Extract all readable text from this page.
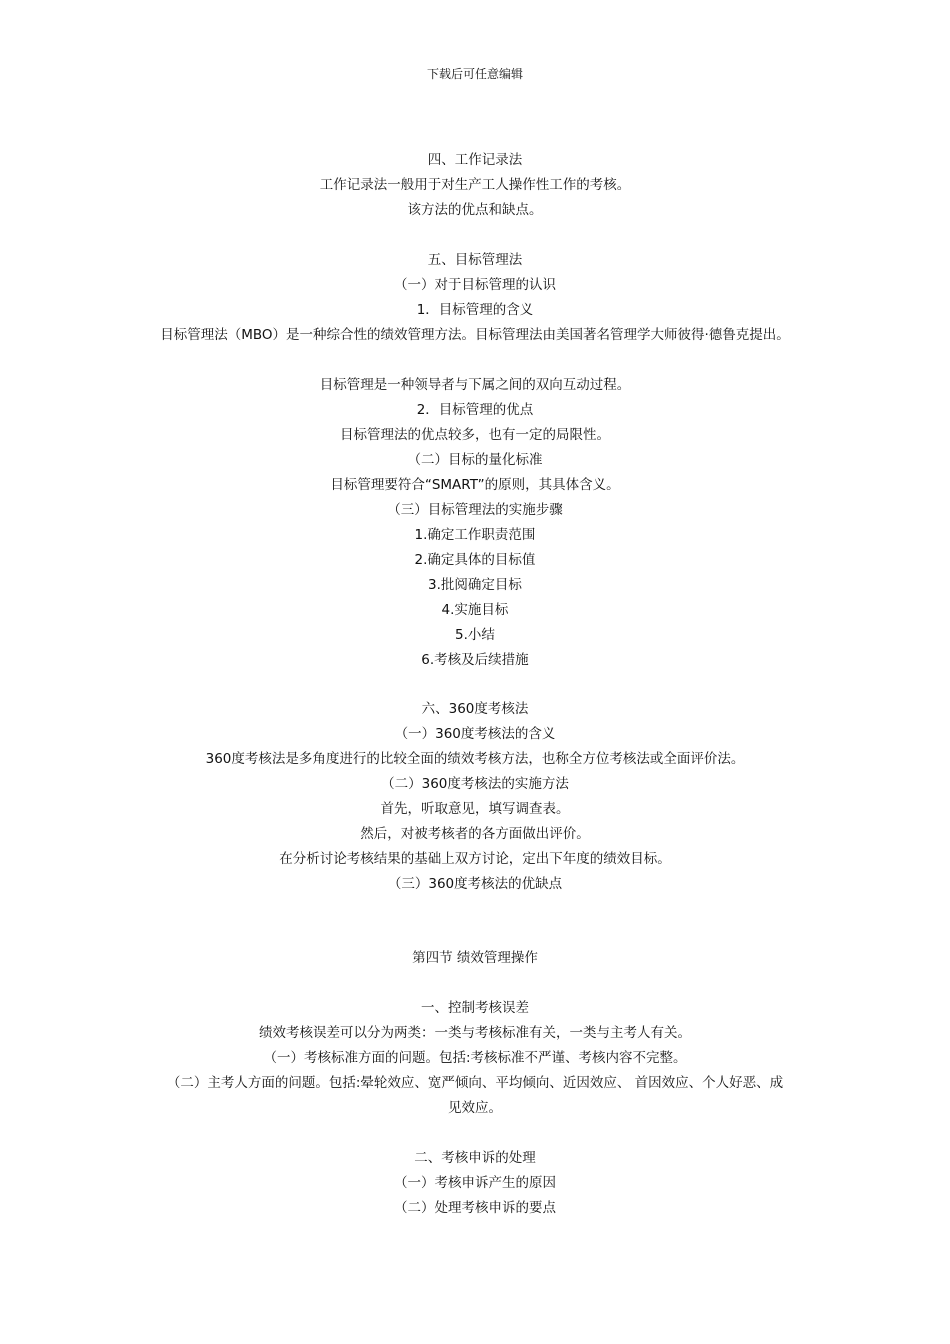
下载后可任意编辑
四、工作记录法
工作记录法一般用于对生产工人操作性工作的考核。
该方法的优点和缺点。
五、目标管理法
（一）对于目标管理的认识
1．目标管理的含义
目标管理法（MBO）是一种综合性的绩效管理方法。目标管理法由美国著名管理学大师彼得·德鲁克提出。
目标管理是一种领导者与下属之间的双向互动过程。
2．目标管理的优点
目标管理法的优点较多，也有一定的局限性。
（二）目标的量化标准
目标管理要符合“SMART”的原则，其具体含义。
（三）目标管理法的实施步骤
1.确定工作职责范围
2.确定具体的目标值
3.批阅确定目标
4.实施目标
5.小结
6.考核及后续措施
六、360度考核法
（一）360度考核法的含义
360度考核法是多角度进行的比较全面的绩效考核方法，也称全方位考核法或全面评价法。
（二）360度考核法的实施方法
首先，听取意见，填写调查表。
然后，对被考核者的各方面做出评价。
在分析讨论考核结果的基础上双方讨论，定出下年度的绩效目标。
（三）360度考核法的优缺点
第四节 绩效管理操作
一、控制考核误差
绩效考核误差可以分为两类：一类与考核标准有关，一类与主考人有关。
（一）考核标准方面的问题。包括:考核标准不严谨、考核内容不完整。
（二）主考人方面的问题。包括:晕轮效应、宽严倾向、平均倾向、近因效应、 首因效应、个人好恶、成
见效应。
二、考核申诉的处理
（一）考核申诉产生的原因
（二）处理考核申诉的要点
